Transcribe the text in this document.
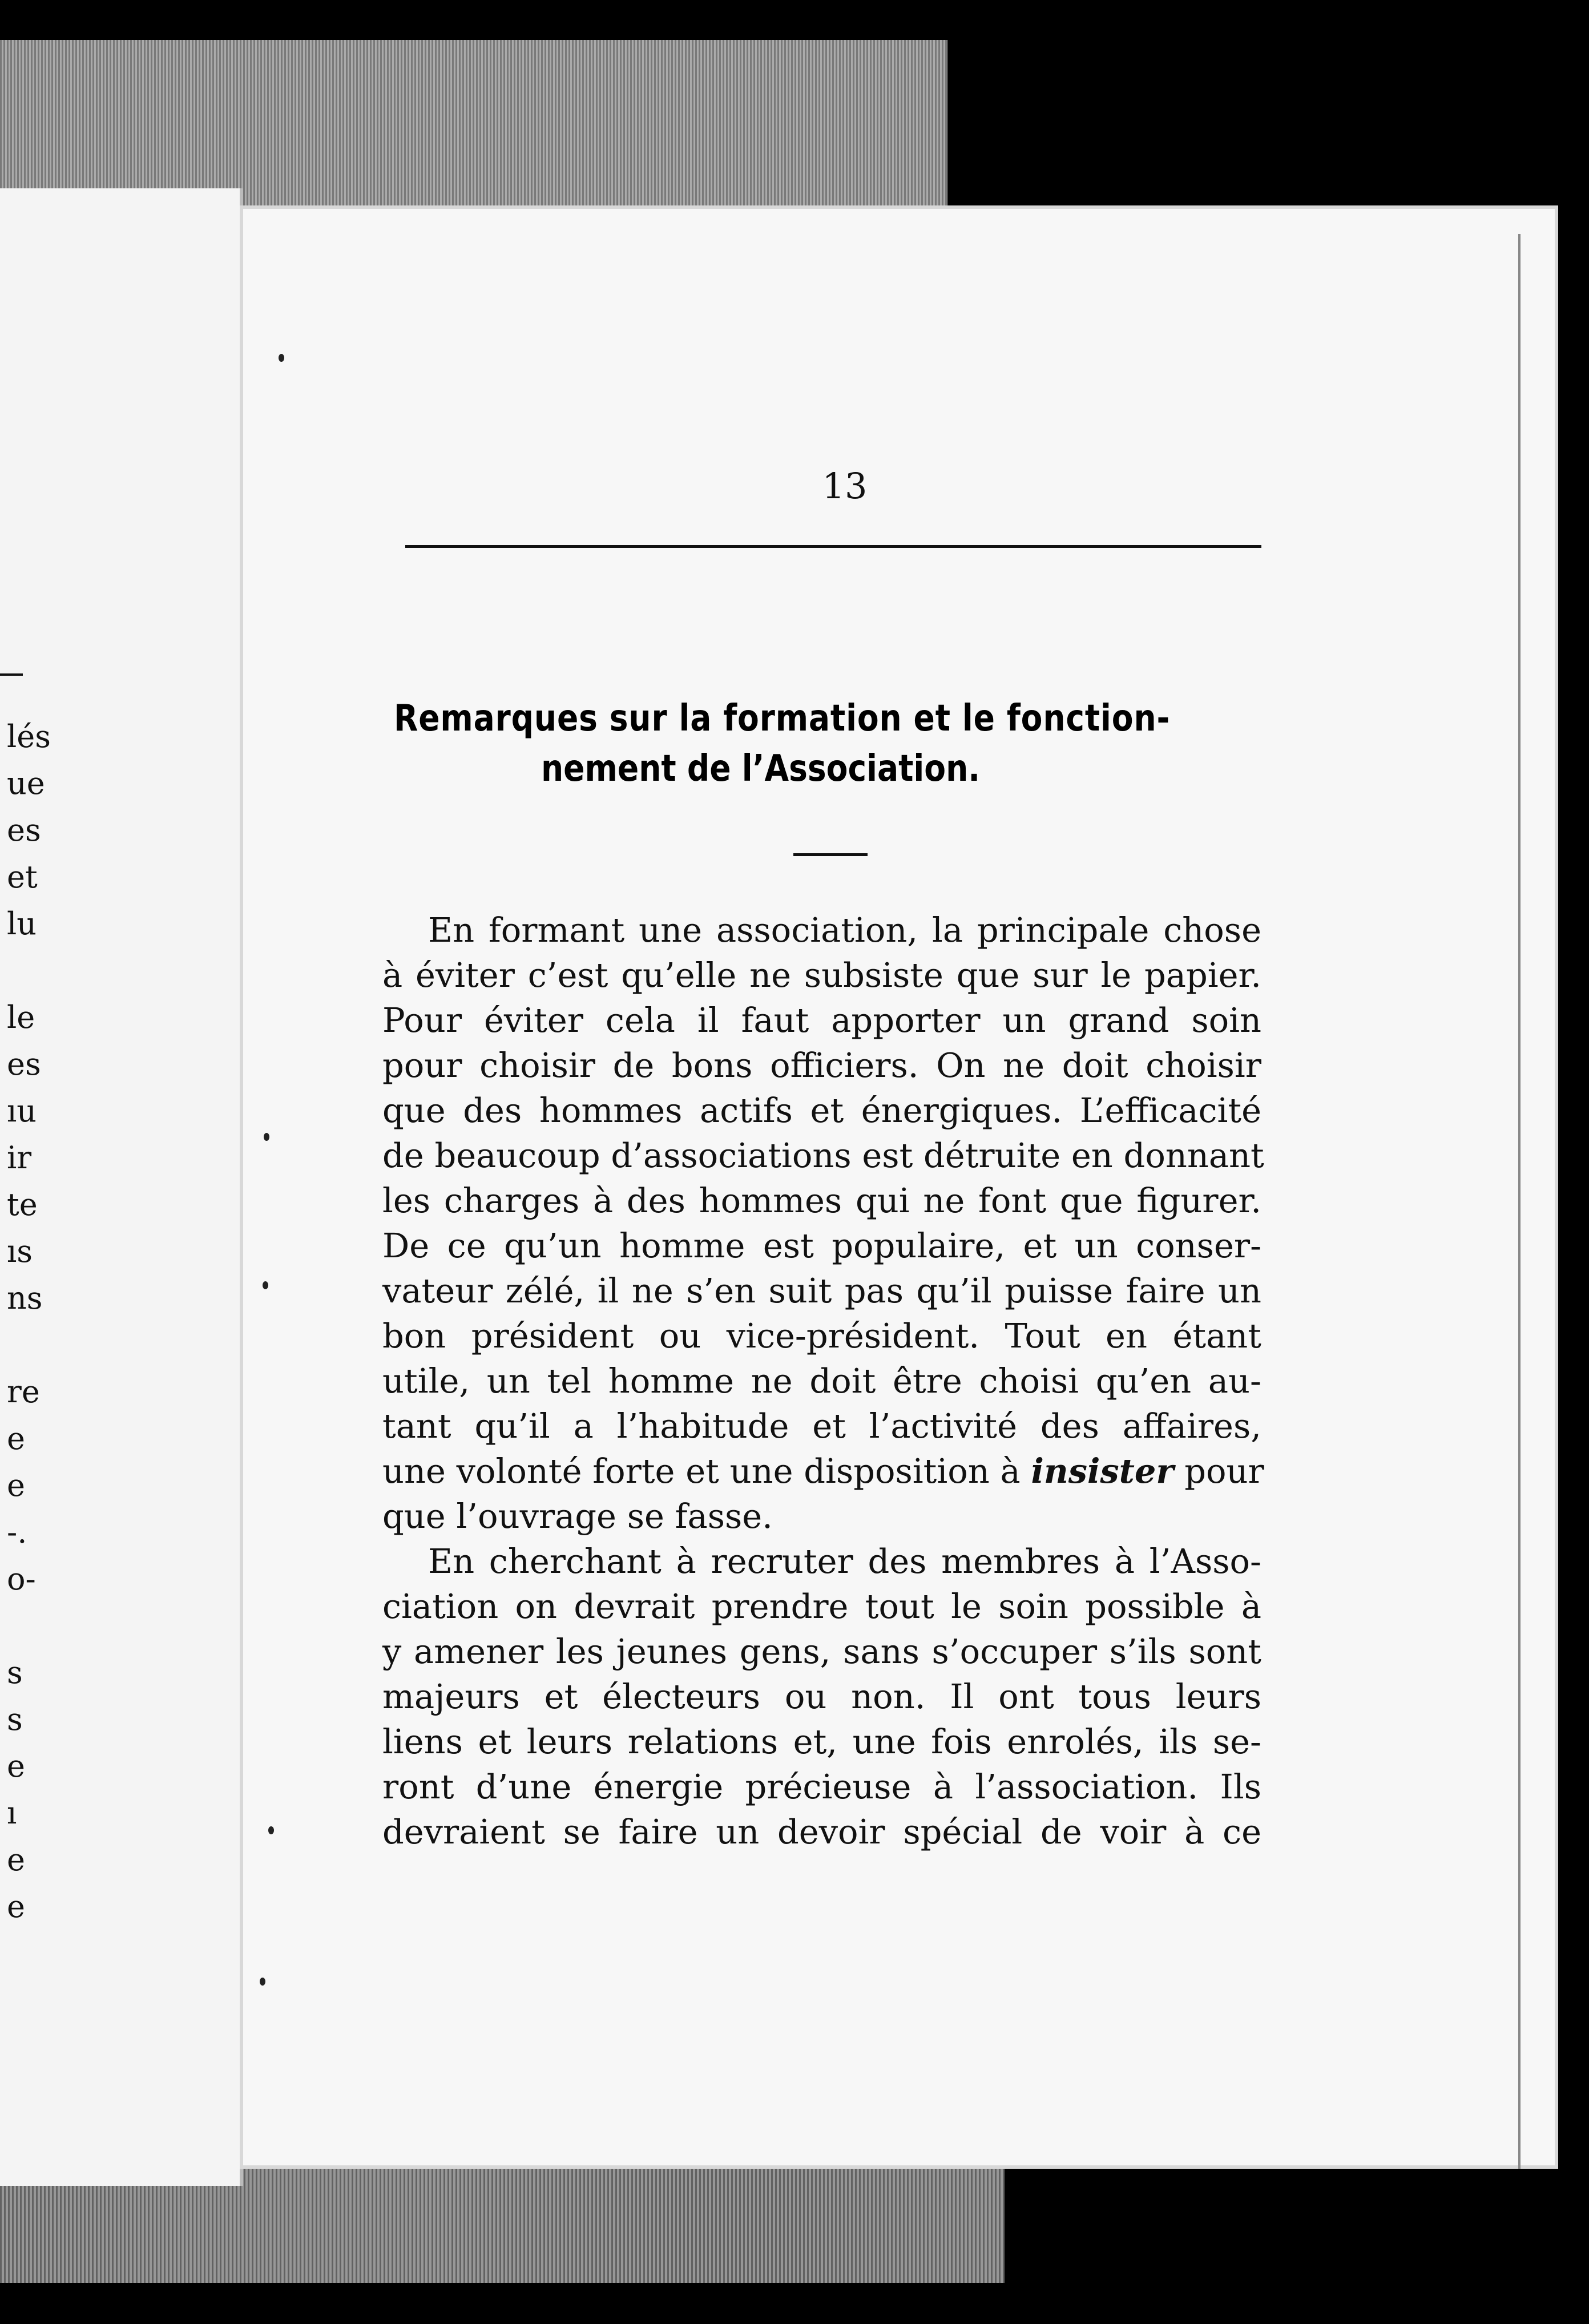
lés
ue
es
et
lu
le
es
ıu
ir
te
ıs
ns
re
e
e
-.
o-
s
s
e
ı
e
e
13
Remarques sur la formation et le fonction-
nement de l’Association.
En formant une association, la principale chose
à éviter c’est qu’elle ne subsiste que sur le papier.
Pour éviter cela il faut apporter un grand soin
pour choisir de bons officiers. On ne doit choisir
que des hommes actifs et énergiques. L’efficacité
de beaucoup d’associations est détruite en donnant
les charges à des hommes qui ne font que figurer.
De ce qu’un homme est populaire, et un conser-
vateur zélé, il ne s’en suit pas qu’il puisse faire un
bon président ou vice-président. Tout en étant
utile, un tel homme ne doit être choisi qu’en au-
tant qu’il a l’habitude et l’activité des affaires,
une volonté forte et une disposition à insister pour
que l’ouvrage se fasse.
En cherchant à recruter des membres à l’Asso-
ciation on devrait prendre tout le soin possible à
y amener les jeunes gens, sans s’occuper s’ils sont
majeurs et électeurs ou non. Il ont tous leurs
liens et leurs relations et, une fois enrolés, ils se-
ront d’une énergie précieuse à l’association. Ils
devraient se faire un devoir spécial de voir à ce
